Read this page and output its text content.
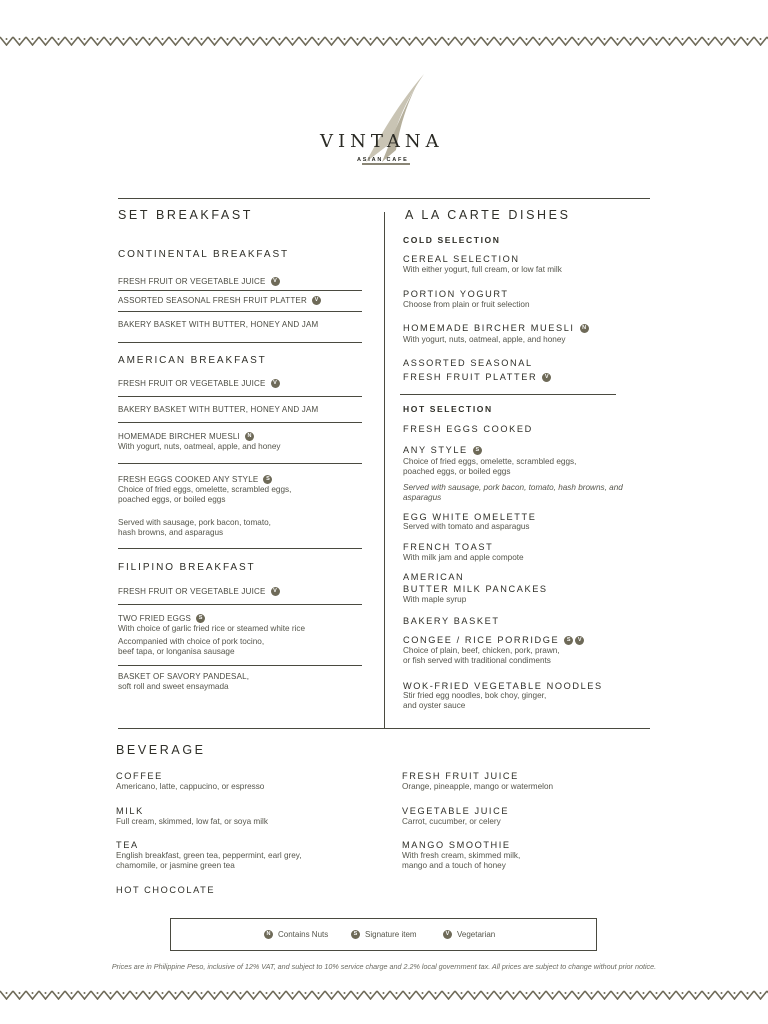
VINTANA
ASIAN CAFE
SET BREAKFAST
CONTINENTAL BREAKFAST
FRESH FRUIT OR VEGETABLE JUICE V
ASSORTED SEASONAL FRESH FRUIT PLATTER V
BAKERY BASKET WITH BUTTER, HONEY AND JAM
AMERICAN BREAKFAST
FRESH FRUIT OR VEGETABLE JUICE V
BAKERY BASKET WITH BUTTER, HONEY AND JAM
HOMEMADE BIRCHER MUESLI N
With yogurt, nuts, oatmeal, apple, and honey
FRESH EGGS COOKED ANY STYLE S
Choice of fried eggs, omelette, scrambled eggs,
poached eggs, or boiled eggs
Served with sausage, pork bacon, tomato,
hash browns, and asparagus
FILIPINO BREAKFAST
FRESH FRUIT OR VEGETABLE JUICE V
TWO FRIED EGGS S
With choice of garlic fried rice or steamed white rice
Accompanied with choice of pork tocino,
beef tapa, or longanisa sausage
BASKET OF SAVORY PANDESAL,
soft roll and sweet ensaymada
A LA CARTE DISHES
COLD SELECTION
CEREAL SELECTION
With either yogurt, full cream, or low fat milk
PORTION YOGURT
Choose from plain or fruit selection
HOMEMADE BIRCHER MUESLI N
With yogurt, nuts, oatmeal, apple, and honey
ASSORTED SEASONAL
FRESH FRUIT PLATTER V
HOT SELECTION
FRESH EGGS COOKED
ANY STYLE S
Choice of fried eggs, omelette, scrambled eggs,
poached eggs, or boiled eggs
Served with sausage, pork bacon, tomato, hash browns, and
asparagus
EGG WHITE OMELETTE
Served with tomato and asparagus
FRENCH TOAST
With milk jam and apple compote
AMERICAN
BUTTER MILK PANCAKES
With maple syrup
BAKERY BASKET
CONGEE / RICE PORRIDGE S V
Choice of plain, beef, chicken, pork, prawn,
or fish served with traditional condiments
WOK-FRIED VEGETABLE NOODLES
Stir fried egg noodles, bok choy, ginger,
and oyster sauce
BEVERAGE
COFFEE
Americano, latte, cappucino, or espresso
MILK
Full cream, skimmed, low fat, or soya milk
TEA
English breakfast, green tea, peppermint, earl grey,
chamomile, or jasmine green tea
HOT CHOCOLATE
FRESH FRUIT JUICE
Orange, pineapple, mango or watermelon
VEGETABLE JUICE
Carrot, cucumber, or celery
MANGO SMOOTHIE
With fresh cream, skimmed milk,
mango and a touch of honey
N Contains Nuts	S Signature item	V Vegetarian
Prices are in Philippine Peso, inclusive of 12% VAT, and subject to 10% service charge and 2.2% local government tax. All prices are subject to change without prior notice.
